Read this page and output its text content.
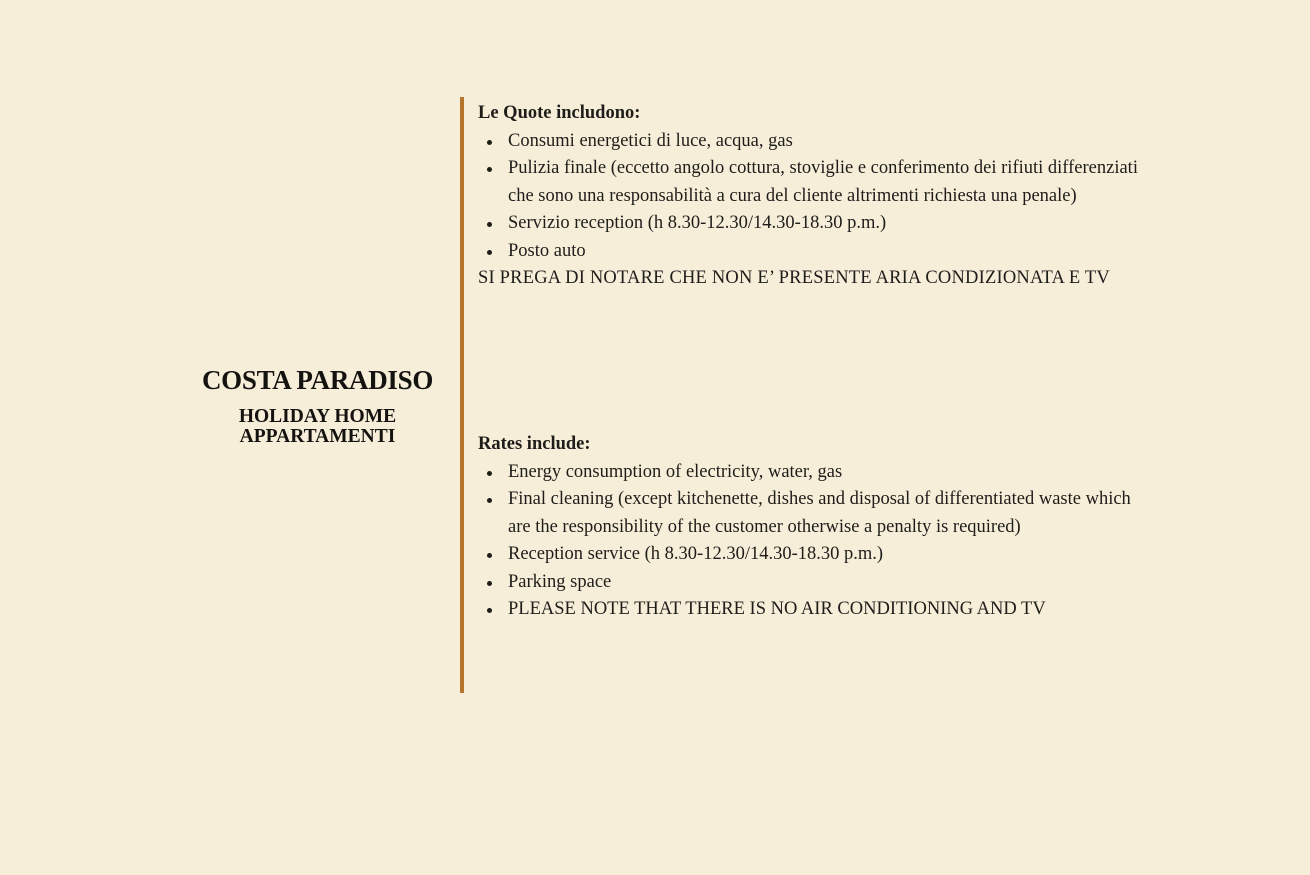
COSTA PARADISO
HOLIDAY HOME
APPARTAMENTI

Le Quote includono:

Consumi energetici di luce, acqua, gas
Pulizia finale (eccetto angolo cottura, stoviglie e conferimento dei rifiuti differenziati che sono una responsabilità a cura del cliente altrimenti richiesta una penale)
Servizio reception (h 8.30-12.30/14.30-18.30 p.m.)
Posto auto

SI PREGA DI NOTARE CHE NON E’ PRESENTE ARIA CONDIZIONATA E TV

Rates include:

Energy consumption of electricity, water, gas
Final cleaning (except kitchenette, dishes and disposal of differentiated waste which are the responsibility of the customer otherwise a penalty is required)
Reception service (h 8.30-12.30/14.30-18.30 p.m.)
Parking space
PLEASE NOTE THAT THERE IS NO AIR CONDITIONING AND TV
